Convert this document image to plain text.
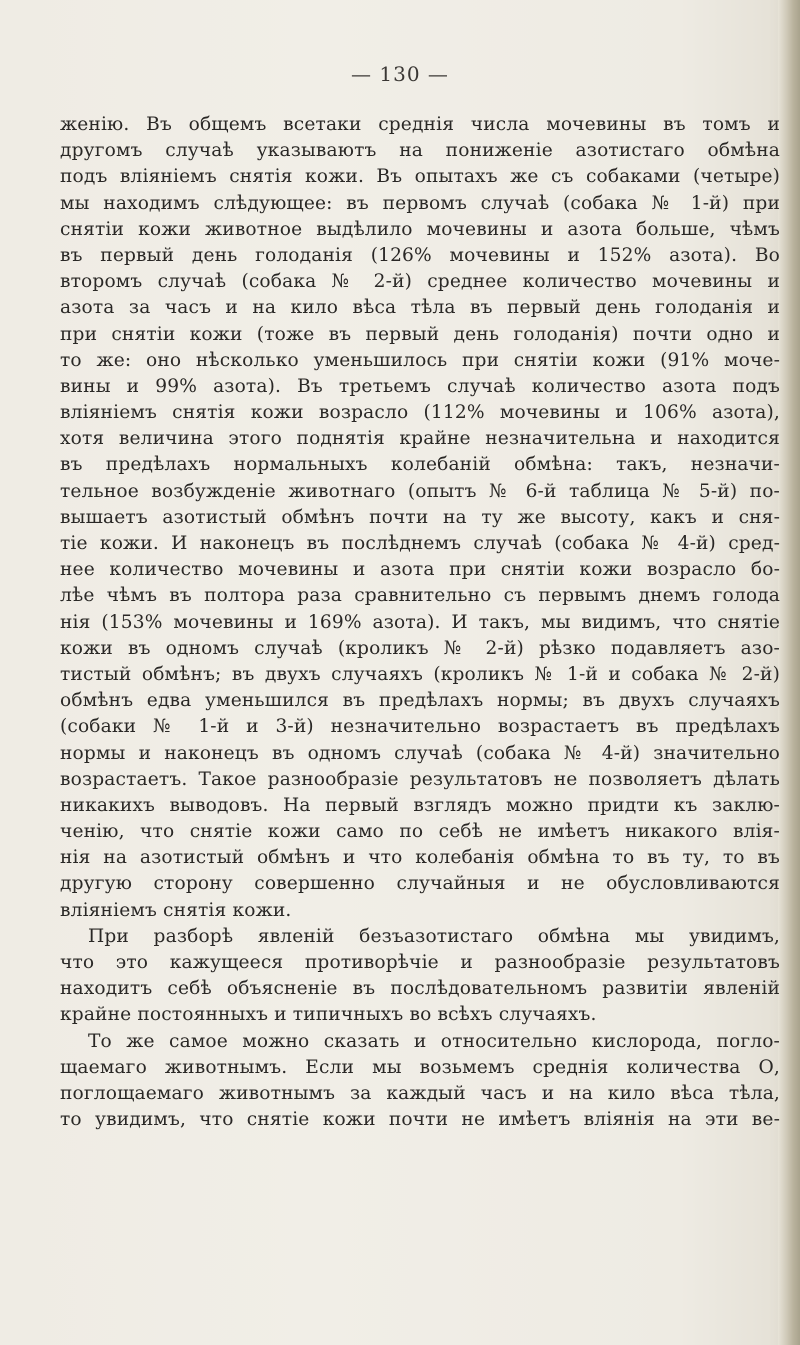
— 130 —
женію. Въ общемъ всетаки среднія числа мочевины въ томъ и
другомъ случаѣ указываютъ на пониженіе азотистаго обмѣна
подъ вліяніемъ снятія кожи. Въ опытахъ же съ собаками (четыре)
мы находимъ слѣдующее: въ первомъ случаѣ (собака № 1-й) при
снятіи кожи животное выдѣлило мочевины и азота больше, чѣмъ
въ первый день голоданія (126% мочевины и 152% азота). Во
второмъ случаѣ (собака № 2-й) среднее количество мочевины и
азота за часъ и на кило вѣса тѣла въ первый день голоданія и
при снятіи кожи (тоже въ первый день голоданія) почти одно и
то же: оно нѣсколько уменьшилось при снятіи кожи (91% моче-
вины и 99% азота). Въ третьемъ случаѣ количество азота подъ
вліяніемъ снятія кожи возрасло (112% мочевины и 106% азота),
хотя величина этого поднятія крайне незначительна и находится
въ предѣлахъ нормальныхъ колебаній обмѣна: такъ, незначи-
тельное возбужденіе животнаго (опытъ № 6-й таблица № 5-й) по-
вышаетъ азотистый обмѣнъ почти на ту же высоту, какъ и сня-
тіе кожи. И наконецъ въ послѣднемъ случаѣ (собака № 4-й) сред-
нее количество мочевины и азота при снятіи кожи возрасло бо-
лѣе чѣмъ въ полтора раза сравнительно съ первымъ днемъ голода
нія (153% мочевины и 169% азота). И такъ, мы видимъ, что снятіе
кожи въ одномъ случаѣ (кроликъ № 2-й) рѣзко подавляетъ азо-
тистый обмѣнъ; въ двухъ случаяхъ (кроликъ № 1-й и собака № 2-й)
обмѣнъ едва уменьшился въ предѣлахъ нормы; въ двухъ случаяхъ
(собаки № 1-й и 3-й) незначительно возрастаетъ въ предѣлахъ
нормы и наконецъ въ одномъ случаѣ (собака № 4-й) значительно
возрастаетъ. Такое разнообразіе результатовъ не позволяетъ дѣлать
никакихъ выводовъ. На первый взглядъ можно придти къ заклю-
ченію, что снятіе кожи само по себѣ не имѣетъ никакого влія-
нія на азотистый обмѣнъ и что колебанія обмѣна то въ ту, то въ
другую сторону совершенно случайныя и не обусловливаются
вліяніемъ снятія кожи.
При разборѣ явленій безъазотистаго обмѣна мы увидимъ,
что это кажущееся противорѣчіе и разнообразіе результатовъ
находитъ себѣ объясненіе въ послѣдовательномъ развитіи явленій
крайне постоянныхъ и типичныхъ во всѣхъ случаяхъ.
То же самое можно сказать и относительно кислорода, погло-
щаемаго животнымъ. Если мы возьмемъ среднія количества О,
поглощаемаго животнымъ за каждый часъ и на кило вѣса тѣла,
то увидимъ, что снятіе кожи почти не имѣетъ вліянія на эти ве-
